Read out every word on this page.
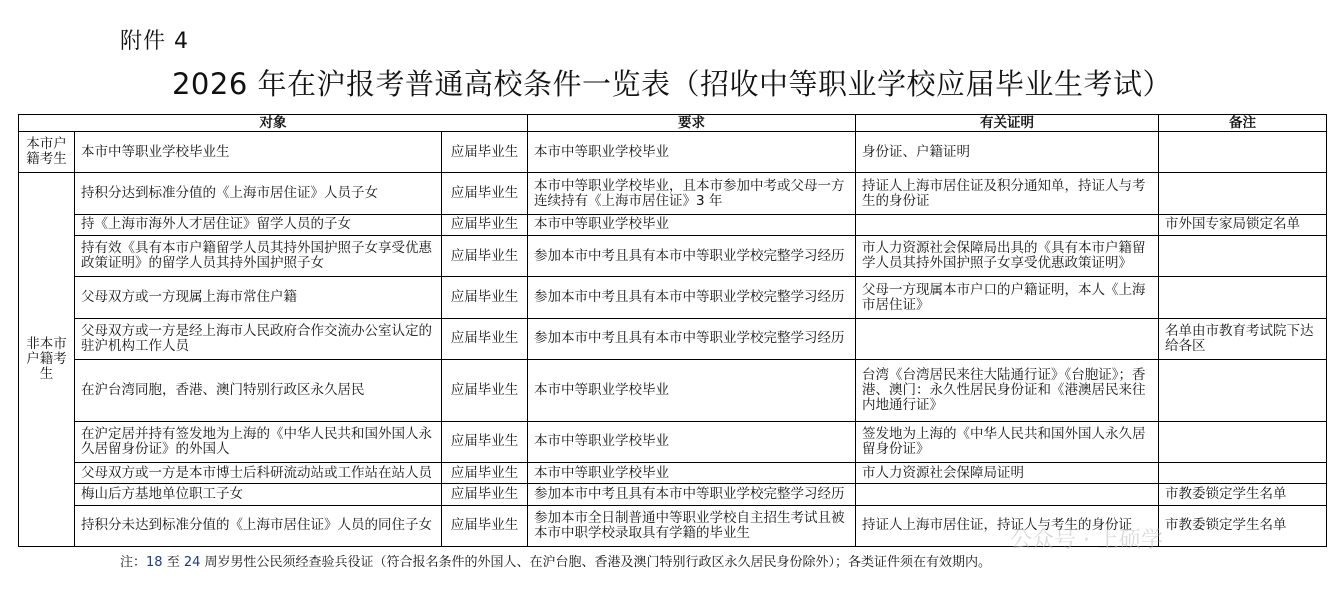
附件 4
2026 年在沪报考普通高校条件一览表（招收中等职业学校应届毕业生考试）
对象			要求	有关证明	备注
本市户籍考生	本市中等职业学校毕业生	应届毕业生	本市中等职业学校毕业	身份证、户籍证明	
非本市户籍考生	持积分达到标准分值的《上海市居住证》人员子女	应届毕业生	本市中等职业学校毕业，且本市参加中考或父母一方连续持有《上海市居住证》3 年	持证人上海市居住证及积分通知单，持证人与考生的身份证	
	持《上海市海外人才居住证》留学人员的子女	应届毕业生	本市中等职业学校毕业		市外国专家局锁定名单
	持有效《具有本市户籍留学人员其持外国护照子女享受优惠政策证明》的留学人员其持外国护照子女	应届毕业生	参加本市中考且具有本市中等职业学校完整学习经历	市人力资源社会保障局出具的《具有本市户籍留学人员其持外国护照子女享受优惠政策证明》	
	父母双方或一方现属上海市常住户籍	应届毕业生	参加本市中考且具有本市中等职业学校完整学习经历	父母一方现属本市户口的户籍证明，本人《上海市居住证》	
	父母双方或一方是经上海市人民政府合作交流办公室认定的驻沪机构工作人员	应届毕业生	参加本市中考且具有本市中等职业学校完整学习经历		名单由市教育考试院下达给各区
	在沪台湾同胞，香港、澳门特别行政区永久居民	应届毕业生	本市中等职业学校毕业	台湾《台湾居民来往大陆通行证》《台胞证》；香港、澳门：永久性居民身份证和《港澳居民来往内地通行证》	
	在沪定居并持有签发地为上海的《中华人民共和国外国人永久居留身份证》的外国人	应届毕业生	本市中等职业学校毕业	签发地为上海的《中华人民共和国外国人永久居留身份证》	
	父母双方或一方是本市博士后科研流动站或工作站在站人员	应届毕业生	本市中等职业学校毕业	市人力资源社会保障局证明	
	梅山后方基地单位职工子女	应届毕业生	参加本市中考且具有本市中等职业学校完整学习经历		市教委锁定学生名单
	持积分未达到标准分值的《上海市居住证》人员的同住子女	应届毕业生	参加本市全日制普通中等职业学校自主招生考试且被本市中职学校录取具有学籍的毕业生	持证人上海市居住证，持证人与考生的身份证	市教委锁定学生名单
注：18 至 24 周岁男性公民须经查验兵役证（符合报名条件的外国人、在沪台胞、香港及澳门特别行政区永久居民身份除外）；各类证件须在有效期内。
公众号 · 上硕学
